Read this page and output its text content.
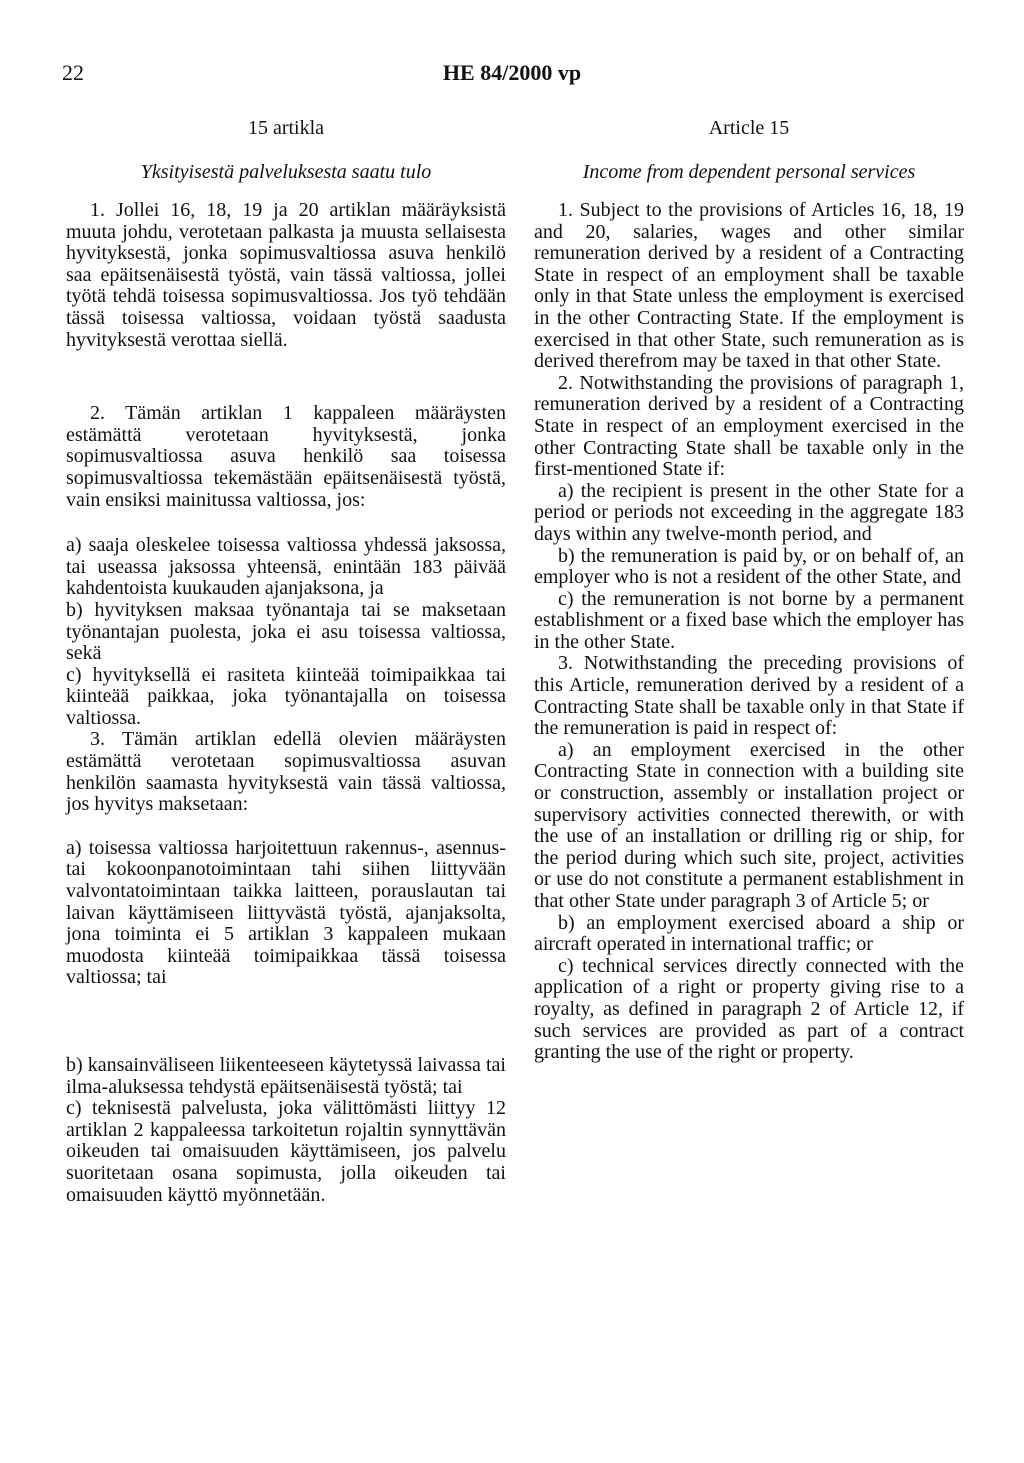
22	HE 84/2000 vp
15 artikla
Yksityisestä palveluksesta saatu tulo

1. Jollei 16, 18, 19 ja 20 artiklan määräyksistä muuta johdu, verotetaan palkasta ja muusta sellaisesta hyvityksestä, jonka sopimusvaltiossa asuva henkilö saa epäitsenäisestä työstä, vain tässä valtiossa, jollei työtä tehdä toisessa sopimusvaltiossa. Jos työ tehdään tässä toisessa valtiossa, voidaan työstä saadusta hyvityksestä verottaa siellä.

2. Tämän artiklan 1 kappaleen määräysten estämättä verotetaan hyvityksestä, jonka sopimusvaltiossa asuva henkilö saa toisessa sopimusvaltiossa tekemästään epäitsenäisestä työstä, vain ensiksi mainitussa valtiossa, jos:

a) saaja oleskelee toisessa valtiossa yhdessä jaksossa, tai useassa jaksossa yhteensä, enintään 183 päivää kahdentoista kuukauden ajanjaksona, ja

b) hyvityksen maksaa työnantaja tai se maksetaan työnantajan puolesta, joka ei asu toisessa valtiossa, sekä

c) hyvityksellä ei rasiteta kiinteää toimipaikkaa tai kiinteää paikkaa, joka työnantajalla on toisessa valtiossa.

3. Tämän artiklan edellä olevien määräysten estämättä verotetaan sopimusvaltiossa asuvan henkilön saamasta hyvityksestä vain tässä valtiossa, jos hyvitys maksetaan:

a) toisessa valtiossa harjoitettuun rakennus-, asennus- tai kokoonpanotoimintaan tahi siihen liittyvään valvontatoimintaan taikka laitteen, porauslautan tai laivan käyttämiseen liittyvästä työstä, ajanjaksolta, jona toiminta ei 5 artiklan 3 kappaleen mukaan muodosta kiinteää toimipaikkaa tässä toisessa valtiossa; tai

b) kansainväliseen liikenteeseen käytetyssä laivassa tai ilma-aluksessa tehdystä epäitsenäisestä työstä; tai

c) teknisestä palvelusta, joka välittömästi liittyy 12 artiklan 2 kappaleessa tarkoitetun rojaltin synnyttävän oikeuden tai omaisuuden käyttämiseen, jos palvelu suoritetaan osana sopimusta, jolla oikeuden tai omaisuuden käyttö myönnetään.

Article 15
Income from dependent personal services

1. Subject to the provisions of Articles 16, 18, 19 and 20, salaries, wages and other similar remuneration derived by a resident of a Contracting State in respect of an employment shall be taxable only in that State unless the employment is exercised in the other Contracting State. If the employment is exercised in that other State, such remuneration as is derived therefrom may be taxed in that other State.

2. Notwithstanding the provisions of paragraph 1, remuneration derived by a resident of a Contracting State in respect of an employment exercised in the other Contracting State shall be taxable only in the first-mentioned State if:

a) the recipient is present in the other State for a period or periods not exceeding in the aggregate 183 days within any twelve-month period, and

b) the remuneration is paid by, or on behalf of, an employer who is not a resident of the other State, and

c) the remuneration is not borne by a permanent establishment or a fixed base which the employer has in the other State.

3. Notwithstanding the preceding provisions of this Article, remuneration derived by a resident of a Contracting State shall be taxable only in that State if the remuneration is paid in respect of:

a) an employment exercised in the other Contracting State in connection with a building site or construction, assembly or installation project or supervisory activities connected therewith, or with the use of an installation or drilling rig or ship, for the period during which such site, project, activities or use do not constitute a permanent establishment in that other State under paragraph 3 of Article 5; or

b) an employment exercised aboard a ship or aircraft operated in international traffic; or

c) technical services directly connected with the application of a right or property giving rise to a royalty, as defined in paragraph 2 of Article 12, if such services are provided as part of a contract granting the use of the right or property.
